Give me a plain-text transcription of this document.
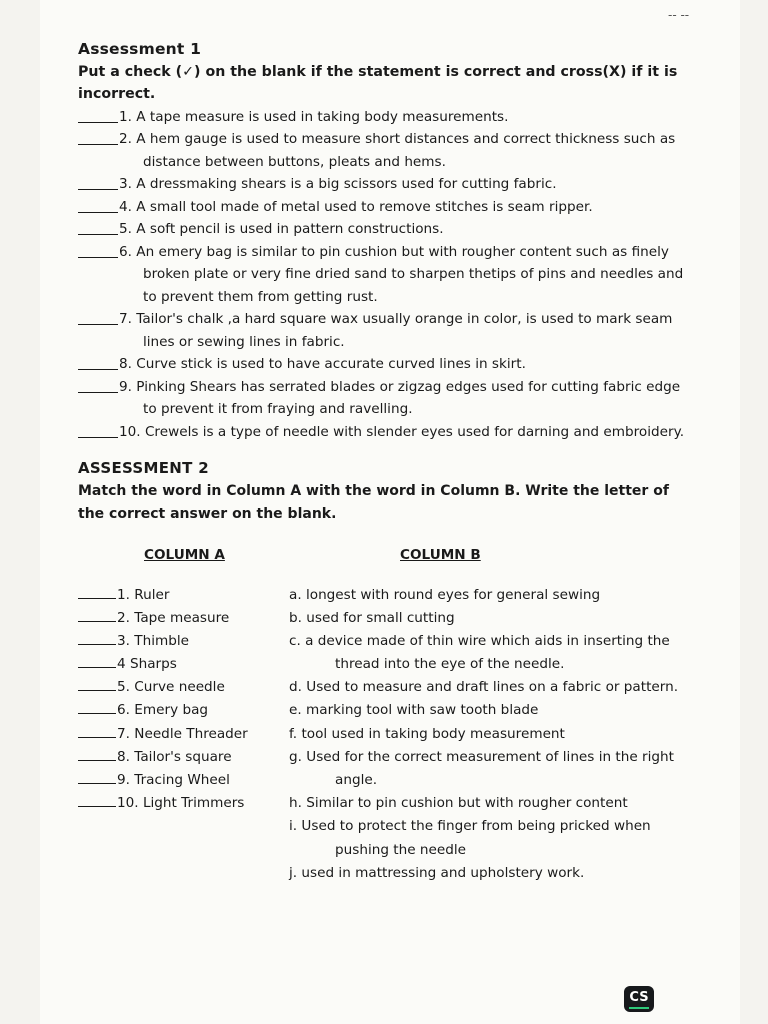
-- --
Assessment 1
Put a check (✓) on the blank if the statement is correct and cross(X) if it is incorrect.
1. A tape measure is used in taking body measurements.
2. A hem gauge is used to measure short distances and correct thickness such as
distance between buttons, pleats and hems.
3. A dressmaking shears is a big scissors used for cutting fabric.
4. A small tool made of metal used to remove stitches is seam ripper.
5. A soft pencil is used in pattern constructions.
6. An emery bag is similar to pin cushion but with rougher content such as finely
broken plate or very fine dried sand to sharpen thetips of pins and needles and
to prevent them from getting rust.
7. Tailor's chalk ,a hard square wax usually orange in color, is used to mark seam
lines or sewing lines in fabric.
8. Curve stick is used to have accurate curved lines in skirt.
9. Pinking Shears has serrated blades or zigzag edges used for cutting fabric edge
to prevent it from fraying and ravelling.
10. Crewels is a type of needle with slender eyes used for darning and embroidery.
ASSESSMENT 2
Match the word in Column A with the word in Column B. Write the letter of the correct answer on the blank.
COLUMN A	COLUMN B
1. Ruler	a. longest with round eyes for general sewing
2. Tape measure	b. used for small cutting
3. Thimble	c. a device made of thin wire which aids in inserting the
4 Sharps	thread into the eye of the needle.
5. Curve needle	d. Used to measure and draft lines on a fabric or pattern.
6. Emery bag	e. marking tool with saw tooth blade
7. Needle Threader	f. tool used in taking body measurement
8. Tailor's square	g. Used for the correct measurement of lines in the right
9. Tracing Wheel	angle.
10. Light Trimmers	h. Similar to pin cushion but with rougher content
i. Used to protect the finger from being pricked when
pushing the needle
j. used in mattressing and upholstery work.
CS
